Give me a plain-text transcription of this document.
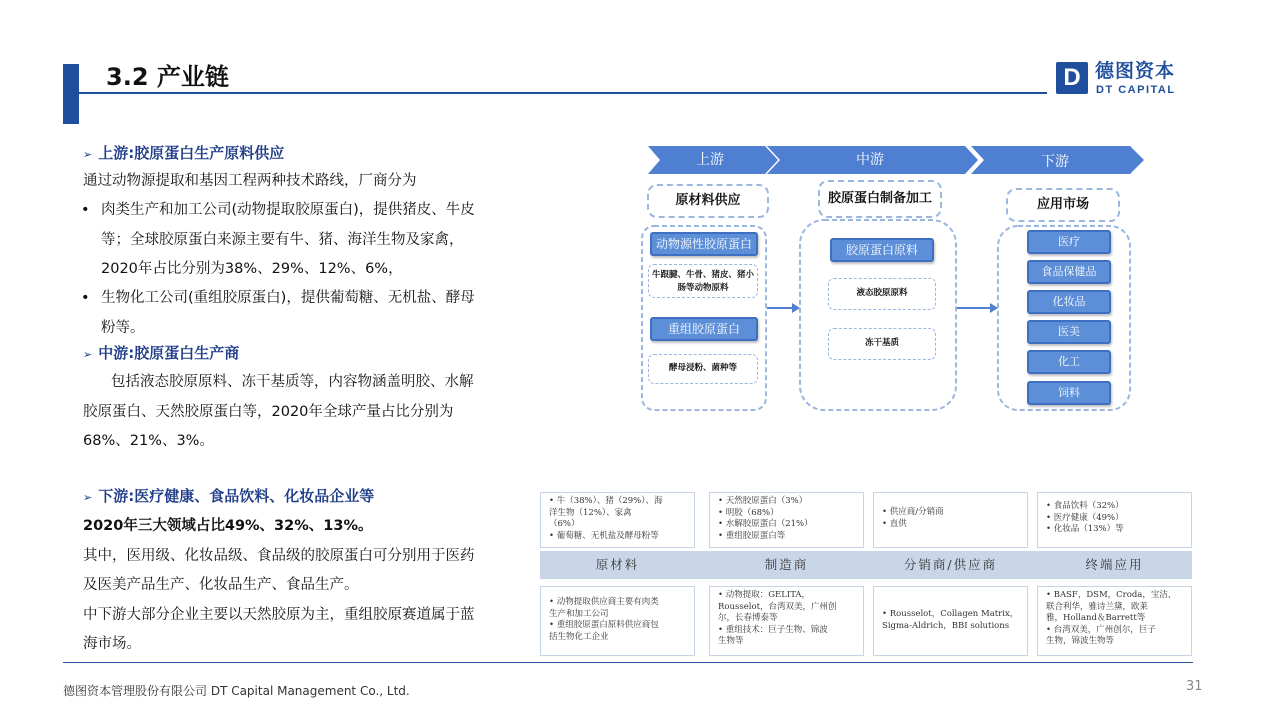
3.2 产业链	D 德图资本
DT CAPITAL
➢ 上游:胶原蛋白生产原料供应
通过动物源提取和基因工程两种技术路线，厂商分为
• 肉类生产和加工公司(动物提取胶原蛋白)，提供猪皮、牛皮
等；全球胶原蛋白来源主要有牛、猪、海洋生物及家禽，
2020年占比分别为38%、29%、12%、6%，
• 生物化工公司(重组胶原蛋白)，提供葡萄糖、无机盐、酵母
粉等。
➢ 中游:胶原蛋白生产商
包括液态胶原原料、冻干基质等，内容物涵盖明胶、水解
胶原蛋白、天然胶原蛋白等，2020年全球产量占比分别为
68%、21%、3%。
➢ 下游:医疗健康、食品饮料、化妆品企业等
2020年三大领域占比49%、32%、13%。
其中，医用级、化妆品级、食品级的胶原蛋白可分别用于医药
及医美产品生产、化妆品生产、食品生产。
中下游大部分企业主要以天然胶原为主，重组胶原赛道属于蓝
海市场。
上游	中游	下游
原材料供应	胶原蛋白制备加工	应用市场
动物源性胶原蛋白
牛跟腱、牛骨、猪皮、猪小肠等动物原料
重组胶原蛋白
酵母浸粉、菌种等
胶原蛋白原料
液态胶原原料
冻干基质
医疗
食品保健品
化妆品
医美
化工
饲料
• 牛（38%）、猪（29%）、海
洋生物（12%）、家禽
（6%）
• 葡萄糖、无机盐及酵母粉等
• 天然胶原蛋白（3%）
• 明胶（68%）
• 水解胶原蛋白（21%）
• 重组胶原蛋白等
• 供应商/分销商
• 直供
• 食品饮料（32%）
• 医疗健康（49%）
• 化妆品（13%）等
原材料	制造商	分销商/供应商	终端应用
• 动物提取供应商主要有肉类
生产和加工公司
• 重组胶原蛋白原料供应商包
括生物化工企业
• 动物提取：GELITA，
Rousselot，台湾双美，广州创
尔，长春博泰等
• 重组技术：巨子生物、锦波
生物等
• Rousselot，Collagen Matrix，
Sigma-Aldrich，BBI solutions
• BASF，DSM，Croda，宝洁，
联合利华，雅诗兰黛，欧莱
雅，Holland＆Barrett等
• 台湾双美，广州创尔，巨子
生物，锦波生物等
德图资本管理股份有限公司 DT Capital Management Co., Ltd.	31
